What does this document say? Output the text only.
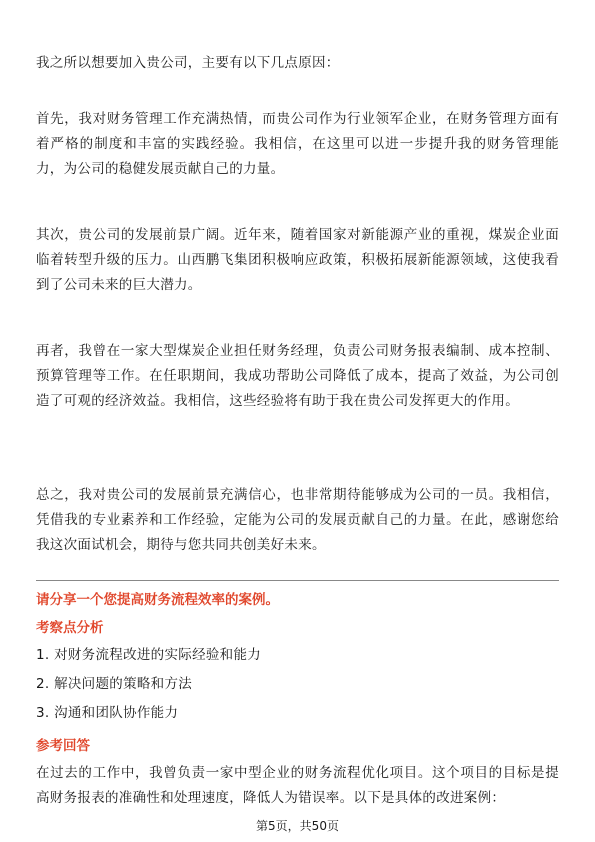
我之所以想要加入贵公司，主要有以下几点原因：

首先，我对财务管理工作充满热情，而贵公司作为行业领军企业，在财务管理方面有着严格的制度和丰富的实践经验。我相信，在这里可以进一步提升我的财务管理能力，为公司的稳健发展贡献自己的力量。

其次，贵公司的发展前景广阔。近年来，随着国家对新能源产业的重视，煤炭企业面临着转型升级的压力。山西鹏飞集团积极响应政策，积极拓展新能源领域，这使我看到了公司未来的巨大潜力。

再者，我曾在一家大型煤炭企业担任财务经理，负责公司财务报表编制、成本控制、预算管理等工作。在任职期间，我成功帮助公司降低了成本，提高了效益，为公司创造了可观的经济效益。我相信，这些经验将有助于我在贵公司发挥更大的作用。

总之，我对贵公司的发展前景充满信心，也非常期待能够成为公司的一员。我相信，凭借我的专业素养和工作经验，定能为公司的发展贡献自己的力量。在此，感谢您给我这次面试机会，期待与您共同共创美好未来。

请分享一个您提高财务流程效率的案例。

考察点分析

1. 对财务流程改进的实际经验和能力
2. 解决问题的策略和方法
3. 沟通和团队协作能力

参考回答

在过去的工作中，我曾负责一家中型企业的财务流程优化项目。这个项目的目标是提高财务报表的准确性和处理速度，降低人为错误率。以下是具体的改进案例：

第5页，共50页
